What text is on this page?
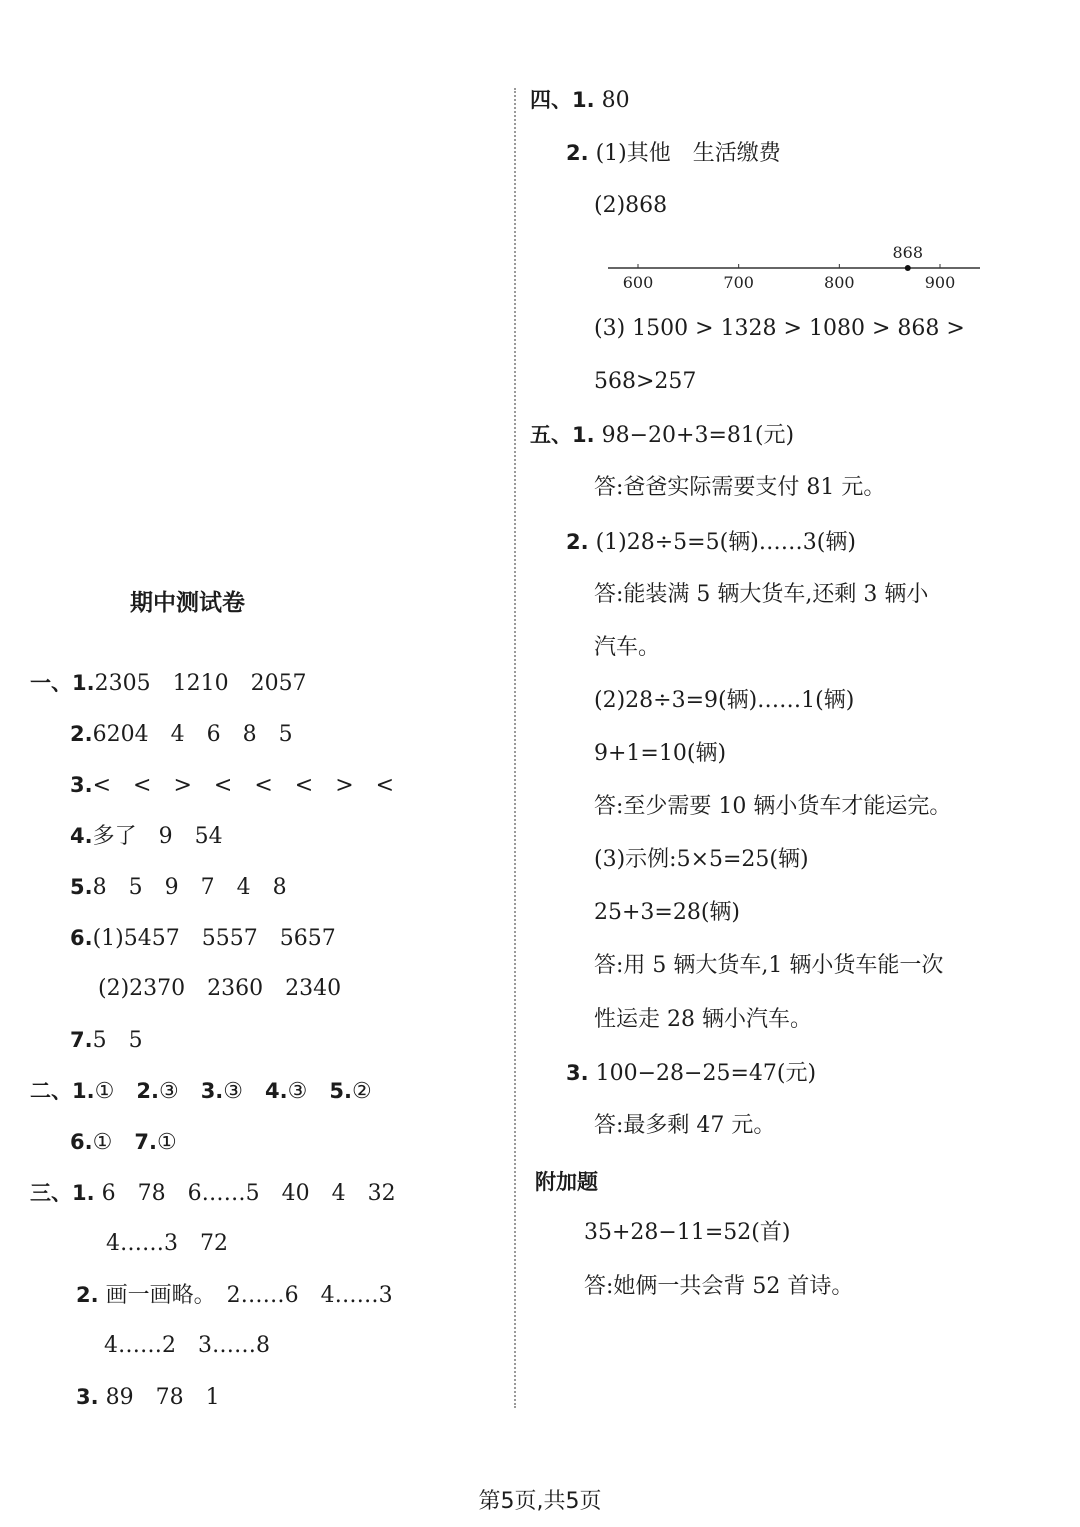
期中测试卷
一、1.2305　1210　2057
2.6204　4　6　8　5
3.<　<　>　<　<　<　>　<
4.多了　9　54
5.8　5　9　7　4　8
6.(1)5457　5557　5657
(2)2370　2360　2340
7.5　5
二、1.①　 2.③　 3.③　 4.③　 5.②
6.①　 7.①
三、1. 6　78　6……5　40　4　32
4……3　72
2. 画一画略。　2……6　4……3
4……2　3……8
3. 89　78　1
四、1. 80
2. (1)其他　生活缴费
(2)868
600	700	800	900
868
(3) 1500 > 1328 > 1080 > 868 >
568>257
五、1. 98−20+3=81(元)
答:爸爸实际需要支付 81 元。
2. (1)28÷5=5(辆)……3(辆)
答:能装满 5 辆大货车,还剩 3 辆小
汽车。
(2)28÷3=9(辆)……1(辆)
9+1=10(辆)
答:至少需要 10 辆小货车才能运完。
(3)示例:5×5=25(辆)
25+3=28(辆)
答:用 5 辆大货车,1 辆小货车能一次
性运走 28 辆小汽车。
3. 100−28−25=47(元)
答:最多剩 47 元。
附加题
35+28−11=52(首)
答:她俩一共会背 52 首诗。
第5页,共5页
